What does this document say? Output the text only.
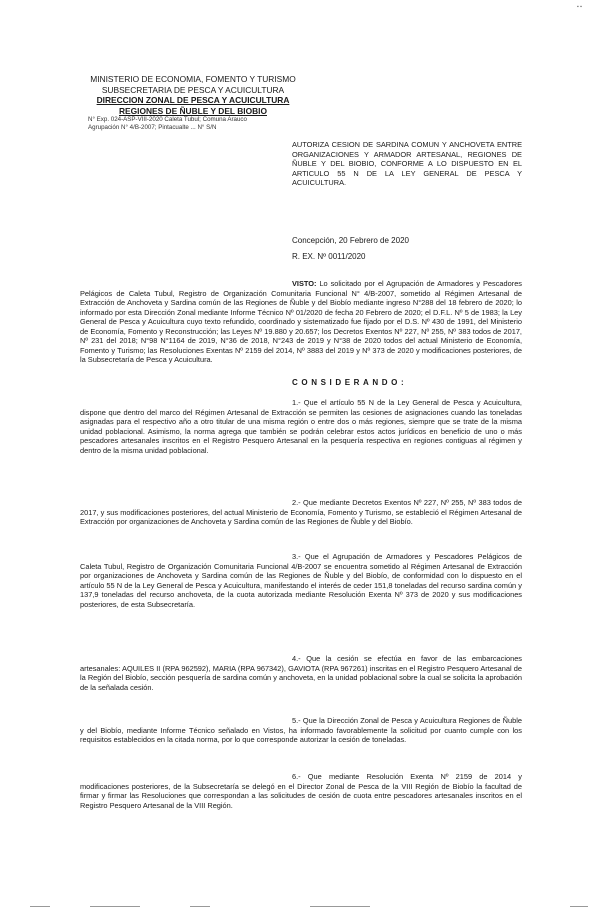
▪ ▪
MINISTERIO DE ECONOMIA, FOMENTO Y TURISMO
SUBSECRETARIA DE PESCA Y ACUICULTURA
DIRECCION ZONAL DE PESCA Y ACUICULTURA
REGIONES DE ÑUBLE Y DEL BIOBIO
N° Exp. 024-ASP-VIII-2020 Caleta Tubul; Comuna Arauco
Agrupación N° 4/B-2007; Pintacualte ... N° S/N
AUTORIZA CESION DE SARDINA COMUN Y ANCHOVETA ENTRE ORGANIZACIONES Y ARMADOR ARTESANAL, REGIONES DE ÑUBLE Y DEL BIOBIO, CONFORME A LO DISPUESTO EN EL ARTICULO 55 N DE LA LEY GENERAL DE PESCA Y ACUICULTURA.
Concepción, 20 Febrero de 2020
R. EX. Nº 0011/2020
VISTO: Lo solicitado por el Agrupación de Armadores y Pescadores Pelágicos de Caleta Tubul, Registro de Organización Comunitaria Funcional N° 4/B-2007, sometido al Régimen Artesanal de Extracción de Anchoveta y Sardina común de las Regiones de Ñuble y del Biobío mediante ingreso N°288 del 18 febrero de 2020; lo informado por esta Dirección Zonal mediante Informe Técnico Nº 01/2020 de fecha 20 Febrero de 2020; el D.F.L. Nº 5 de 1983; la Ley General de Pesca y Acuicultura cuyo texto refundido, coordinado y sistematizado fue fijado por el D.S. Nº 430 de 1991, del Ministerio de Economía, Fomento y Reconstrucción; las Leyes Nº 19.880 y 20.657; los Decretos Exentos Nº 227, Nº 255, Nº 383 todos de 2017, Nº 231 del 2018; N°98 N°1164 de 2019, N°36 de 2018, N°243 de 2019 y N°38 de 2020 todos del actual Ministerio de Economía, Fomento y Turismo; las Resoluciones Exentas Nº 2159 del 2014, Nº 3883 del 2019 y Nº 373 de 2020 y modificaciones posteriores, de la Subsecretaría de Pesca y Acuicultura.
CONSIDERANDO:
1.- Que el artículo 55 N de la Ley General de Pesca y Acuicultura, dispone que dentro del marco del Régimen Artesanal de Extracción se permiten las cesiones de asignaciones cuando las toneladas asignadas para el respectivo año a otro titular de una misma región o entre dos o más regiones, siempre que se trate de la misma unidad poblacional. Asimismo, la norma agrega que también se podrán celebrar estos actos jurídicos en beneficio de uno o más pescadores artesanales inscritos en el Registro Pesquero Artesanal en la pesquería respectiva en regiones contiguas al régimen y dentro de la misma unidad poblacional.
2.- Que mediante Decretos Exentos Nº 227, Nº 255, Nº 383 todos de 2017, y sus modificaciones posteriores, del actual Ministerio de Economía, Fomento y Turismo, se estableció el Régimen Artesanal de Extracción por organizaciones de Anchoveta y Sardina común de las Regiones de Ñuble y del Biobío.
3.- Que el Agrupación de Armadores y Pescadores Pelágicos de Caleta Tubul, Registro de Organización Comunitaria Funcional 4/B-2007 se encuentra sometido al Régimen Artesanal de Extracción por organizaciones de Anchoveta y Sardina común de las Regiones de Ñuble y del Biobío, de conformidad con lo dispuesto en el artículo 55 N de la Ley General de Pesca y Acuicultura, manifestando el interés de ceder 151,8 toneladas del recurso sardina común y 137,9 toneladas del recurso anchoveta, de la cuota autorizada mediante Resolución Exenta Nº 373 de 2020 y sus modificaciones posteriores, de esta Subsecretaría.
4.- Que la cesión se efectúa en favor de las embarcaciones artesanales: AQUILES II (RPA 962592), MARIA (RPA 967342), GAVIOTA (RPA 967261) inscritas en el Registro Pesquero Artesanal de la Región del Biobío, sección pesquería de sardina común y anchoveta, en la unidad poblacional sobre la cual se solicita la aprobación de la señalada cesión.
5.- Que la Dirección Zonal de Pesca y Acuicultura Regiones de Ñuble y del Biobío, mediante Informe Técnico señalado en Vistos, ha informado favorablemente la solicitud por cuanto cumple con los requisitos establecidos en la citada norma, por lo que corresponde autorizar la cesión de toneladas.
6.- Que mediante Resolución Exenta Nº 2159 de 2014 y modificaciones posteriores, de la Subsecretaría se delegó en el Director Zonal de Pesca de la VIII Región de Biobío la facultad de firmar y firmar las Resoluciones que correspondan a las solicitudes de cesión de cuota entre pescadores artesanales inscritos en el Registro Pesquero Artesanal de la VIII Región.
